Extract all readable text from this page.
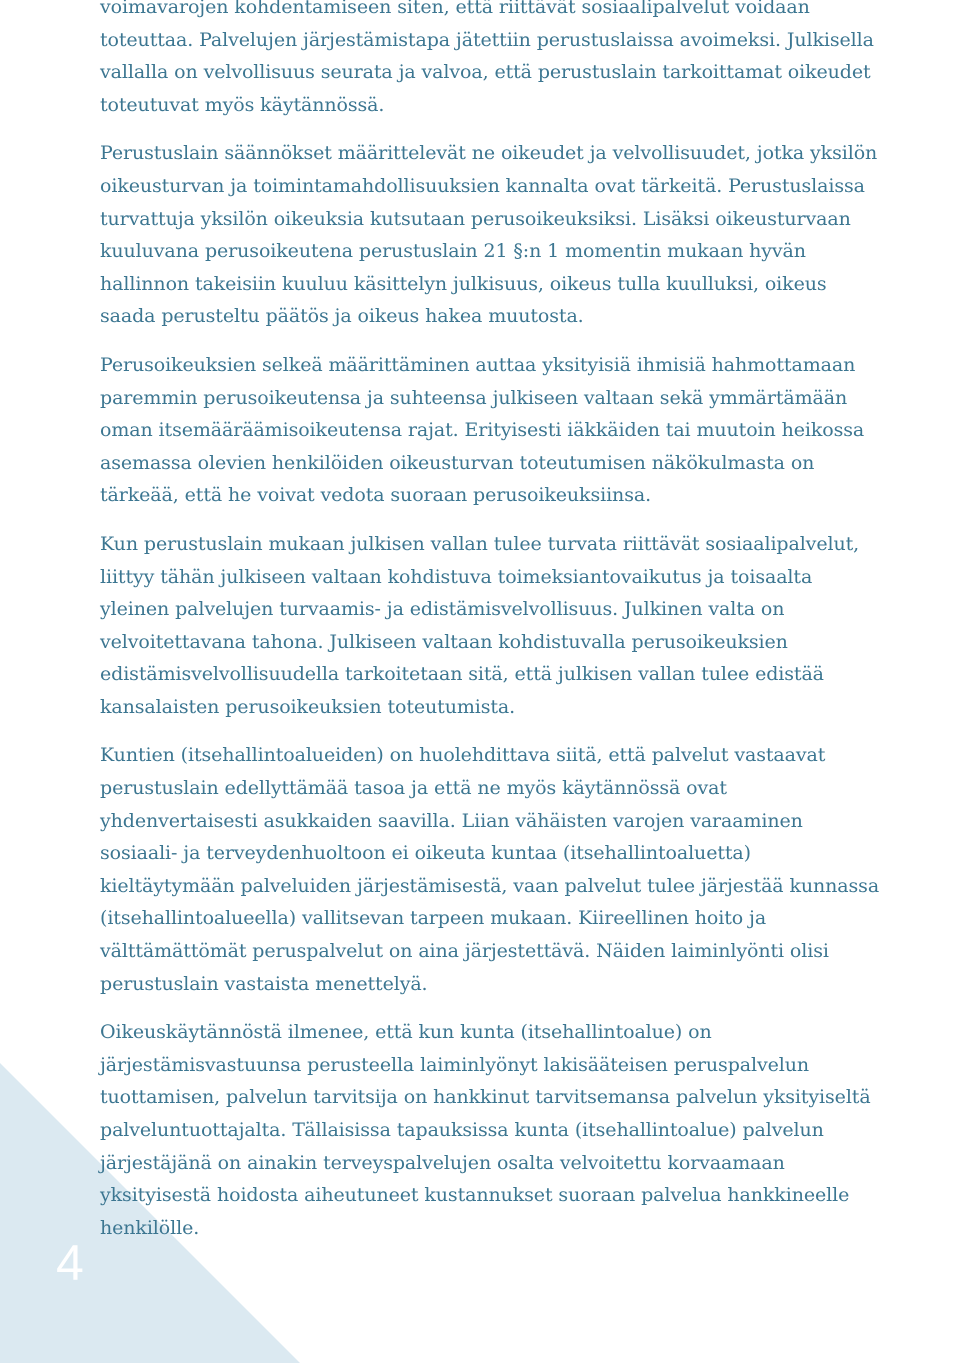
4
voimavarojen kohdentamiseen siten, että riittävät sosiaalipalvelut voidaan
toteuttaa. Palvelujen järjestämistapa jätettiin perustuslaissa avoimeksi. Julkisella
vallalla on velvollisuus seurata ja valvoa, että perustuslain tarkoittamat oikeudet
toteutuvat myös käytännössä.
Perustuslain säännökset määrittelevät ne oikeudet ja velvollisuudet, jotka yksilön
oikeusturvan ja toimintamahdollisuuksien kannalta ovat tärkeitä. Perustuslaissa
turvattuja yksilön oikeuksia kutsutaan perusoikeuksiksi. Lisäksi oikeusturvaan
kuuluvana perusoikeutena perustuslain 21 §:n 1 momentin mukaan hyvän
hallinnon takeisiin kuuluu käsittelyn julkisuus, oikeus tulla kuulluksi, oikeus
saada perusteltu päätös ja oikeus hakea muutosta.
Perusoikeuksien selkeä määrittäminen auttaa yksityisiä ihmisiä hahmottamaan
paremmin perusoikeutensa ja suhteensa julkiseen valtaan sekä ymmärtämään
oman itsemääräämisoikeutensa rajat. Erityisesti iäkkäiden tai muutoin heikossa
asemassa olevien henkilöiden oikeusturvan toteutumisen näkökulmasta on
tärkeää, että he voivat vedota suoraan perusoikeuksiinsa.
Kun perustuslain mukaan julkisen vallan tulee turvata riittävät sosiaalipalvelut,
liittyy tähän julkiseen valtaan kohdistuva toimeksiantovaikutus ja toisaalta
yleinen palvelujen turvaamis- ja edistämisvelvollisuus. Julkinen valta on
velvoitettavana tahona. Julkiseen valtaan kohdistuvalla perusoikeuksien
edistämisvelvollisuudella tarkoitetaan sitä, että julkisen vallan tulee edistää
kansalaisten perusoikeuksien toteutumista.
Kuntien (itsehallintoalueiden) on huolehdittava siitä, että palvelut vastaavat
perustuslain edellyttämää tasoa ja että ne myös käytännössä ovat
yhdenvertaisesti asukkaiden saavilla. Liian vähäisten varojen varaaminen
sosiaali- ja terveydenhuoltoon ei oikeuta kuntaa (itsehallintoaluetta)
kieltäytymään palveluiden järjestämisestä, vaan palvelut tulee järjestää kunnassa
(itsehallintoalueella) vallitsevan tarpeen mukaan. Kiireellinen hoito ja
välttämättömät peruspalvelut on aina järjestettävä. Näiden laiminlyönti olisi
perustuslain vastaista menettelyä.
Oikeuskäytännöstä ilmenee, että kun kunta (itsehallintoalue) on
järjestämisvastuunsa perusteella laiminlyönyt lakisääteisen peruspalvelun
tuottamisen, palvelun tarvitsija on hankkinut tarvitsemansa palvelun yksityiseltä
palveluntuottajalta. Tällaisissa tapauksissa kunta (itsehallintoalue) palvelun
järjestäjänä on ainakin terveyspalvelujen osalta velvoitettu korvaamaan
yksityisestä hoidosta aiheutuneet kustannukset suoraan palvelua hankkineelle
henkilölle.
